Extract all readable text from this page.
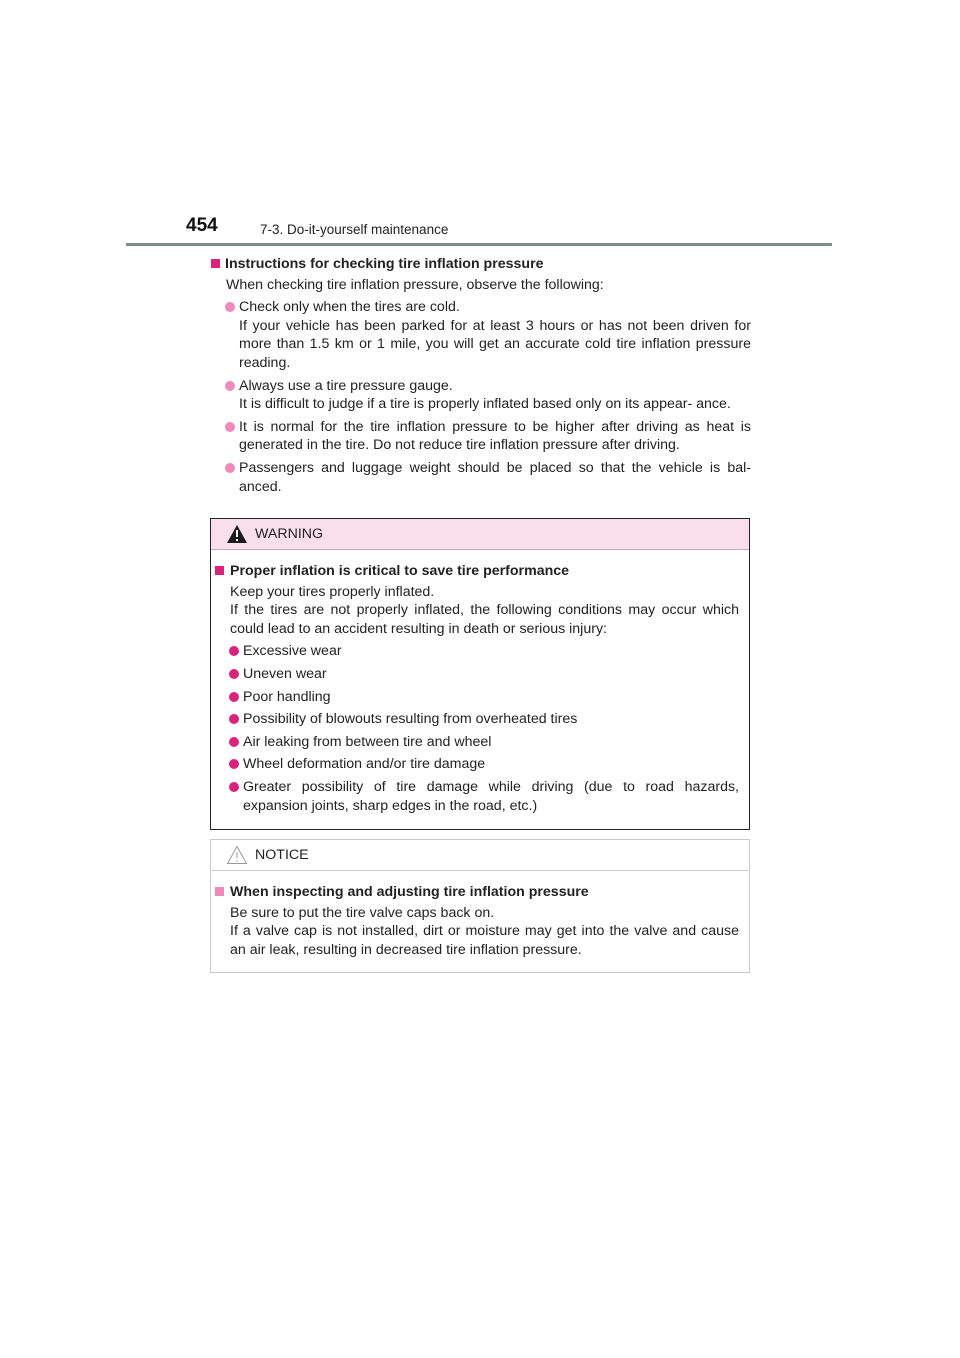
454	7-3. Do-it-yourself maintenance
Instructions for checking tire inflation pressure
When checking tire inflation pressure, observe the following:
Check only when the tires are cold.
If your vehicle has been parked for at least 3 hours or has not been driven for more than 1.5 km or 1 mile, you will get an accurate cold tire inflation pressure reading.
Always use a tire pressure gauge.
It is difficult to judge if a tire is properly inflated based only on its appear- ance.
It is normal for the tire inflation pressure to be higher after driving as heat is generated in the tire. Do not reduce tire inflation pressure after driving.
Passengers and luggage weight should be placed so that the vehicle is bal- anced.
WARNING
Proper inflation is critical to save tire performance
Keep your tires properly inflated.
If the tires are not properly inflated, the following conditions may occur which could lead to an accident resulting in death or serious injury:
Excessive wear
Uneven wear
Poor handling
Possibility of blowouts resulting from overheated tires
Air leaking from between tire and wheel
Wheel deformation and/or tire damage
Greater possibility of tire damage while driving (due to road hazards, expansion joints, sharp edges in the road, etc.)
NOTICE
When inspecting and adjusting tire inflation pressure
Be sure to put the tire valve caps back on.
If a valve cap is not installed, dirt or moisture may get into the valve and cause an air leak, resulting in decreased tire inflation pressure.
